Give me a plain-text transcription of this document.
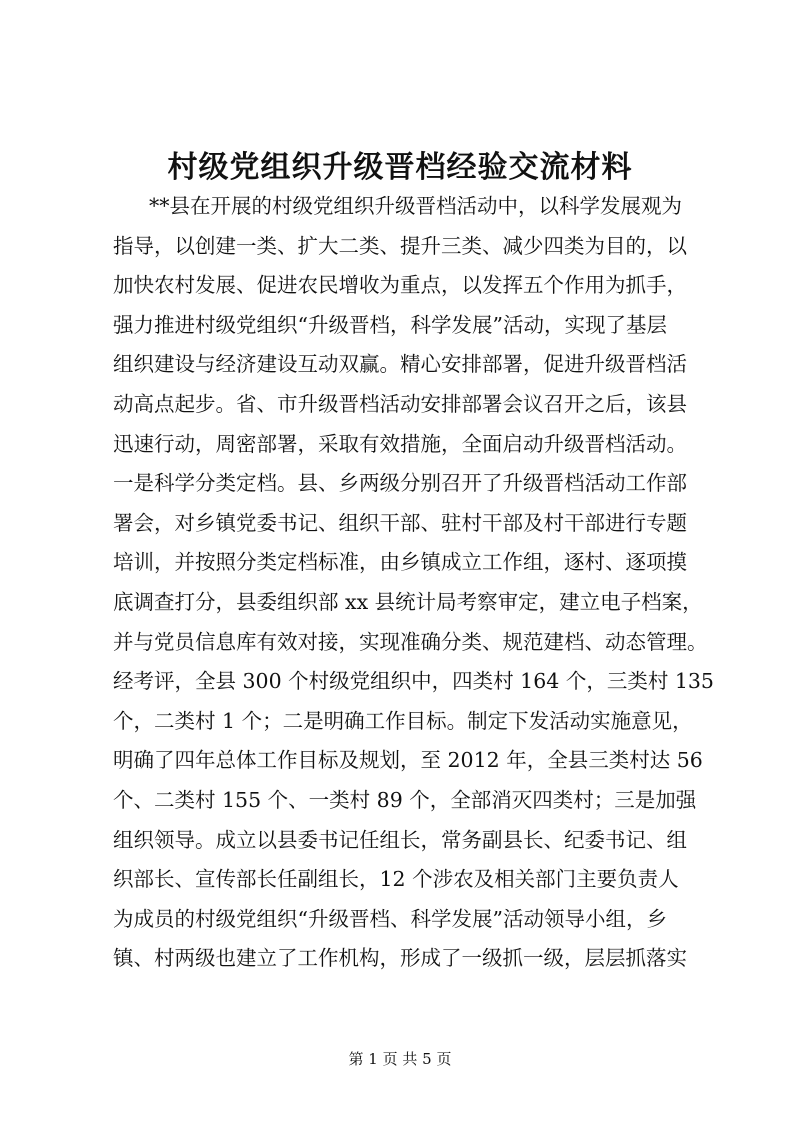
村级党组织升级晋档经验交流材料
**县在开展的村级党组织升级晋档活动中，以科学发展观为
指导，以创建一类、扩大二类、提升三类、减少四类为目的，以
加快农村发展、促进农民增收为重点，以发挥五个作用为抓手，
强力推进村级党组织“升级晋档，科学发展”活动，实现了基层
组织建设与经济建设互动双赢。精心安排部署，促进升级晋档活
动高点起步。省、市升级晋档活动安排部署会议召开之后，该县
迅速行动，周密部署，采取有效措施，全面启动升级晋档活动。
一是科学分类定档。县、乡两级分别召开了升级晋档活动工作部
署会，对乡镇党委书记、组织干部、驻村干部及村干部进行专题
培训，并按照分类定档标准，由乡镇成立工作组，逐村、逐项摸
底调查打分，县委组织部 xx 县统计局考察审定，建立电子档案，
并与党员信息库有效对接，实现准确分类、规范建档、动态管理。
经考评，全县 300 个村级党组织中，四类村 164 个，三类村 135
个，二类村 1 个；二是明确工作目标。制定下发活动实施意见，
明确了四年总体工作目标及规划，至 2012 年，全县三类村达 56
个、二类村 155 个、一类村 89 个，全部消灭四类村；三是加强
组织领导。成立以县委书记任组长，常务副县长、纪委书记、组
织部长、宣传部长任副组长，12 个涉农及相关部门主要负责人
为成员的村级党组织“升级晋档、科学发展”活动领导小组，乡
镇、村两级也建立了工作机构，形成了一级抓一级，层层抓落实
第 1 页 共 5 页
